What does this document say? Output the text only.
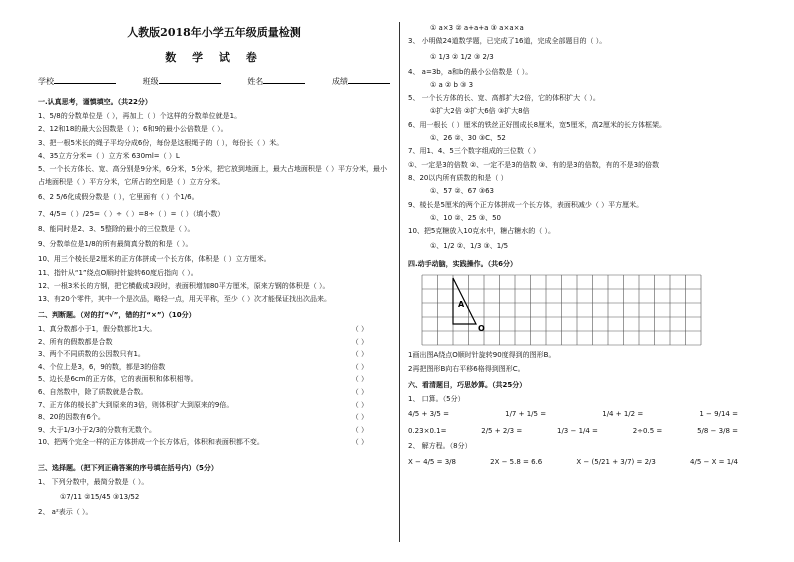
人教版2018年小学五年级质量检测
数 学 试 卷
学校	班级	姓名	成绩
一.认真思考，谨慎填空。（共22分）
1、5/8的分数单位是（ ），再加上（ ）个这样的分数单位就是1。
2、12和18的最大公因数是（ ）；6和9的最小公倍数是（ ）。
3、把一根5米长的绳子平均分成6份，每份是这根绳子的（ ），每份长（ ）米。
4、35立方分米=（ ）立方米 630ml=（ ）L
5、一个长方体长、宽、高分别是9分米，6分米，5分米，把它放到地面上，最大占地面积是（ ）平方分米，最小占地面积是（ ）平方分米，它所占的空间是（ ）立方分米。
6、2 5/6化成假分数是（ ），它里面有（ ）个1/6。
7、4/5=（ ）/25=（ ）÷（ ）=8÷（ ）=（ ）（填小数）
8、能同时是2、3、5整除的最小的三位数是（ ）。
9、分数单位是1/8的所有最简真分数的和是（ ）。
10、用三个棱长是2厘米的正方体拼成一个长方体，体积是（ ）立方厘米。
11、指针从“1”绕点O顺时针旋转60度后指向（ ）。
12、一根3米长的方钢，把它横截成3段时，表面积增加80平方厘米，原来方钢的体积是（ ）。
13、有20个零件，其中一个是次品，略轻一点，用天平称，至少（ ）次才能保证找出次品来。
二、判断题。（对的打“√”，错的打“×”）（10分）
1、真分数都小于1，假分数都比1大。	（ ）
2、所有的假数都是合数	（ ）
3、两个不同质数的公因数只有1。	（ ）
4、个位上是3，6，9的数，都是3的倍数	（ ）
5、边长是6cm的正方体，它的表面积和体积相等。	（ ）
6、自然数中，除了质数就是合数。	（ ）
7、正方体的棱长扩大到原来的3倍，则体积扩大到原来的9倍。	（ ）
8、20的因数有6个。	（ ）
9、大于1/3小于2/3的分数有无数个。	（ ）
10、把两个完全一样的正方体拼成一个长方体后，体积和表面积都不变。	（ ）
三、选择题。（把下列正确答案的序号填在括号内）（5分）
1、 下列分数中，最简分数是（ ）。
①7/11 ②15/45 ③13/52
2、 a²表示（ ）。
① a×3 ② a+a+a ③ a×a×a
3、 小明做24道数学题，已完成了16道，完成全部题目的（ ）。
① 1/3 ② 1/2 ③ 2/3
4、 a=3b，a和b的最小公倍数是（ ）。
① a ② b ③ 3
5、 一个长方体的长、宽、高都扩大2倍，它的体积扩大（ ）。
①扩大2倍 ②扩大6倍 ③扩大8倍
6、用一根长（ ）厘米的铁丝正好围成长8厘米，宽5厘米，高2厘米的长方体框架。
①、26 ②、30 ③C、52
7、用1、4、5三个数字组成的三位数（ ）
①、一定是3的倍数 ②、一定不是3的倍数 ③、有的是3的倍数，有的不是3的倍数
8、20以内所有质数的和是（ ）
①、57 ②、67 ③63
9、棱长是5厘米的两个正方体拼成一个长方体，表面积减少（ ）平方厘米。
①、10 ②、25 ③、50
10、把5克糖放入10克水中，糖占糖水的（ ）。
①、1/2 ②、1/3 ③、1/5
四.动手动脑，实践操作。（共6分）
A
O
1画出图A绕点O顺时针旋转90度得到的图形B。
2再把图形B向右平移6格得到图形C。
六、看清题目，巧思妙算。（共25分）
1、 口算。（5分）
4/5 + 3/5 =	1/7 + 1/5 =	1/4 + 1/2 =	1 − 9/14 =
0.23×0.1=	2/5 + 2/3 =	1/3 − 1/4 =	2÷0.5 =	5/8 − 3/8 =
2、 解方程。（8分）
X − 4/5 = 3/8	2X − 5.8 = 6.6	X − (5/21 + 3/7) = 2/3	4/5 − X = 1/4
